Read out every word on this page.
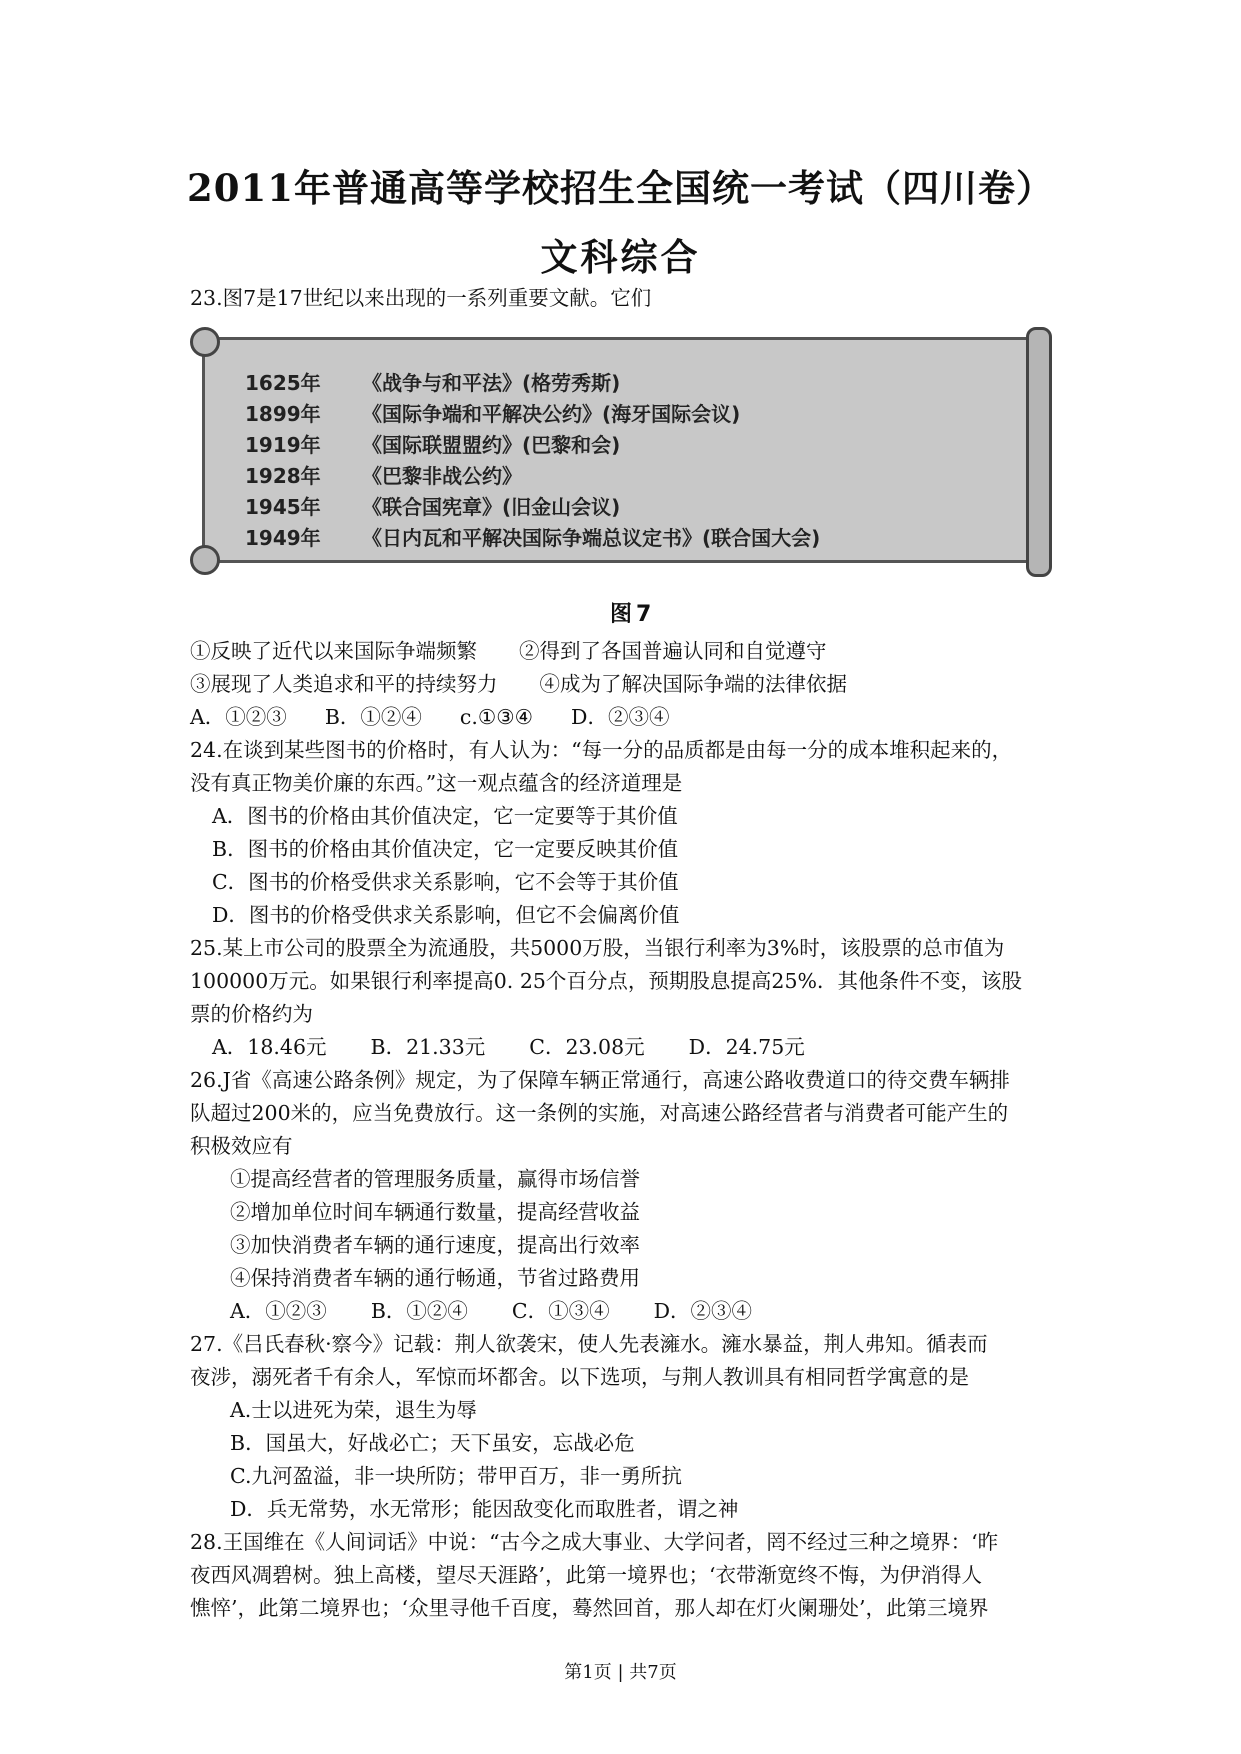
2011年普通高等学校招生全国统一考试（四川卷）
文科综合
23.图7是17世纪以来出现的一系列重要文献。它们
1625年 《战争与和平法》(格劳秀斯)
1899年 《国际争端和平解决公约》(海牙国际会议)
1919年 《国际联盟盟约》(巴黎和会)
1928年 《巴黎非战公约》
1945年 《联合国宪章》(旧金山会议)
1949年 《日内瓦和平解决国际争端总议定书》(联合国大会)
图7
①反映了近代以来国际争端频繁 ②得到了各国普遍认同和自觉遵守
③展现了人类追求和平的持续努力 ④成为了解决国际争端的法律依据
A．①②③ B．①②④ c.①③④ D．②③④
24.在谈到某些图书的价格时，有人认为：“每一分的品质都是由每一分的成本堆积起来的，
没有真正物美价廉的东西。”这一观点蕴含的经济道理是
A．图书的价格由其价值决定，它一定要等于其价值
B．图书的价格由其价值决定，它一定要反映其价值
C．图书的价格受供求关系影响，它不会等于其价值
D．图书的价格受供求关系影响，但它不会偏离价值
25.某上市公司的股票全为流通股，共5000万股，当银行利率为3%时，该股票的总市值为
100000万元。如果银行利率提高0. 25个百分点，预期股息提高25%．其他条件不变，该股
票的价格约为
A．18.46元 B．21.33元 C．23.08元 D．24.75元
26.J省《高速公路条例》规定，为了保障车辆正常通行，高速公路收费道口的待交费车辆排
队超过200米的，应当免费放行。这一条例的实施，对高速公路经营者与消费者可能产生的
积极效应有
①提高经营者的管理服务质量，赢得市场信誉
②增加单位时间车辆通行数量，提高经营收益
③加快消费者车辆的通行速度，提高出行效率
④保持消费者车辆的通行畅通，节省过路费用
A．①②③ B．①②④ C．①③④ D．②③④
27.《吕氏春秋·察今》记载：荆人欲袭宋，使人先表澭水。澭水暴益，荆人弗知。循表而
夜涉，溺死者千有余人，军惊而坏都舍。以下选项，与荆人教训具有相同哲学寓意的是
A.士以进死为荣，退生为辱
B．国虽大，好战必亡；天下虽安，忘战必危
C.九河盈溢，非一块所防；带甲百万，非一勇所抗
D．兵无常势，水无常形；能因敌变化而取胜者，谓之神
28.王国维在《人间词话》中说：“古今之成大事业、大学问者，罔不经过三种之境界：‘昨
夜西风凋碧树。独上高楼，望尽天涯路’，此第一境界也；‘衣带渐宽终不悔，为伊消得人
憔悴’，此第二境界也；‘众里寻他千百度，蓦然回首，那人却在灯火阑珊处’，此第三境界
第1页 | 共7页
